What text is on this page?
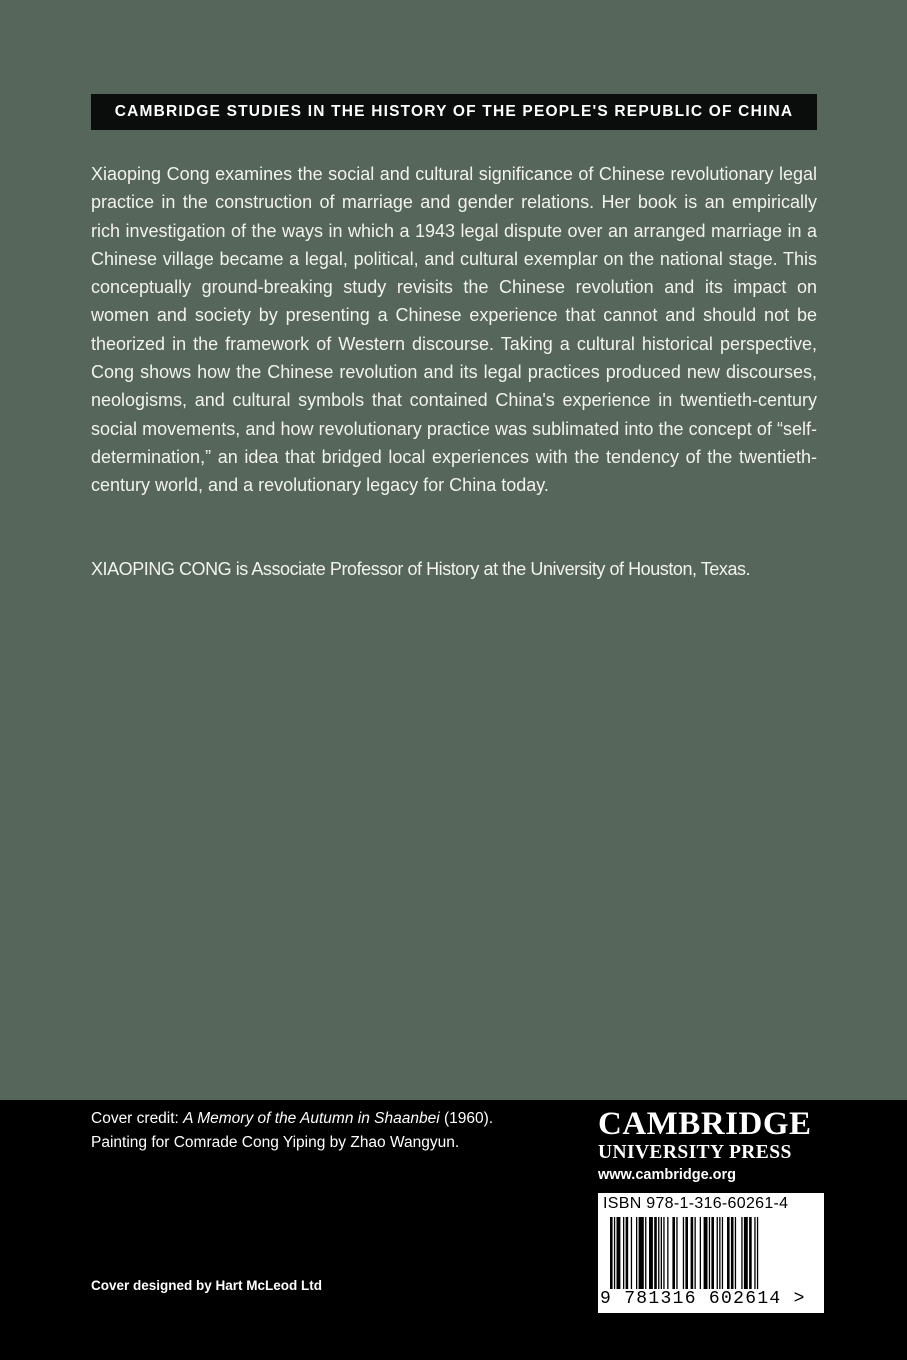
CAMBRIDGE STUDIES IN THE HISTORY OF THE PEOPLE'S REPUBLIC OF CHINA

Xiaoping Cong examines the social and cultural significance of Chinese revolutionary legal practice in the construction of marriage and gender relations. Her book is an empirically rich investigation of the ways in which a 1943 legal dispute over an arranged marriage in a Chinese village became a legal, political, and cultural exemplar on the national stage. This conceptually ground-breaking study revisits the Chinese revolution and its impact on women and society by presenting a Chinese experience that cannot and should not be theorized in the framework of Western discourse. Taking a cultural historical perspective, Cong shows how the Chinese revolution and its legal practices produced new discourses, neologisms, and cultural symbols that contained China's experience in twentieth-century social movements, and how revolutionary practice was sublimated into the concept of “self-determination,” an idea that bridged local experiences with the tendency of the twentieth-century world, and a revolutionary legacy for China today.

XIAOPING CONG is Associate Professor of History at the University of Houston, Texas.

Cover credit: A Memory of the Autumn in Shaanbei (1960). Painting for Comrade Cong Yiping by Zhao Wangyun.

Cover designed by Hart McLeod Ltd

CAMBRIDGE
UNIVERSITY PRESS
www.cambridge.org
ISBN 978-1-316-60261-4
9 781316 602614 >
